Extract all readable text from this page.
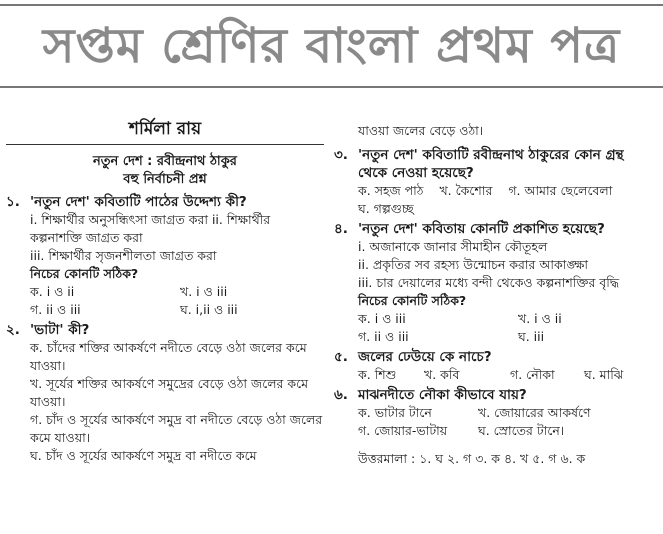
সপ্তম শ্রেণির বাংলা প্রথম পত্র
শর্মিলা রায়
নতুন দেশ : রবীন্দ্রনাথ ঠাকুর
বহু নির্বাচনী প্রশ্ন
১. 'নতুন দেশ' কবিতাটি পাঠের উদ্দেশ্য কী?
i. শিক্ষার্থীর অনুসন্ধিৎসা জাগ্রত করা ii. শিক্ষার্থীর কল্পনাশক্তি জাগ্রত করা
iii. শিক্ষার্থীর সৃজনশীলতা জাগ্রত করা
নিচের কোনটি সঠিক?
ক. i ও ii	খ. i ও iii
গ. ii ও iii	ঘ. i,ii ও iii
২. 'ভাটা' কী?
ক. চাঁদের শক্তির আকর্ষণে নদীতে বেড়ে ওঠা জলের কমে যাওয়া।
খ. সূর্যের শক্তির আকর্ষণে সমুদ্রের বেড়ে ওঠা জলের কমে যাওয়া।
গ. চাঁদ ও সূর্যের আকর্ষণে সমুদ্র বা নদীতে বেড়ে ওঠা জলের কমে যাওয়া।
ঘ. চাঁদ ও সূর্যের আকর্ষণে সমুদ্র বা নদীতে কমে
যাওয়া জলের বেড়ে ওঠা।
৩. 'নতুন দেশ' কবিতাটি রবীন্দ্রনাথ ঠাকুরের কোন গ্রন্থ থেকে নেওয়া হয়েছে?
ক. সহজ পাঠ খ. কৈশোর গ. আমার ছেলেবেলা
ঘ. গল্পগুচ্ছ
৪. 'নতুন দেশ' কবিতায় কোনটি প্রকাশিত হয়েছে?
i. অজানাকে জানার সীমাহীন কৌতূহল
ii. প্রকৃতির সব রহস্য উন্মোচন করার আকাঙ্ক্ষা
iii. চার দেয়ালের মধ্যে বন্দী থেকেও কল্পনাশক্তির বৃদ্ধি
নিচের কোনটি সঠিক?
ক. i ও iii	খ. i ও ii
গ. ii ও iii	ঘ. iii
৫. জলের ঢেউয়ে কে নাচে?
ক. শিশু	খ. কবি	গ. নৌকা	ঘ. মাঝি
৬. মাঝনদীতে নৌকা কীভাবে যায়?
ক. ভাটার টানে	খ. জোয়ারের আকর্ষণে
গ. জোয়ার-ভাটায়	ঘ. স্রোতের টানে।
উত্তরমালা : ১. ঘ ২. গ ৩. ক ৪. খ ৫. গ ৬. ক
